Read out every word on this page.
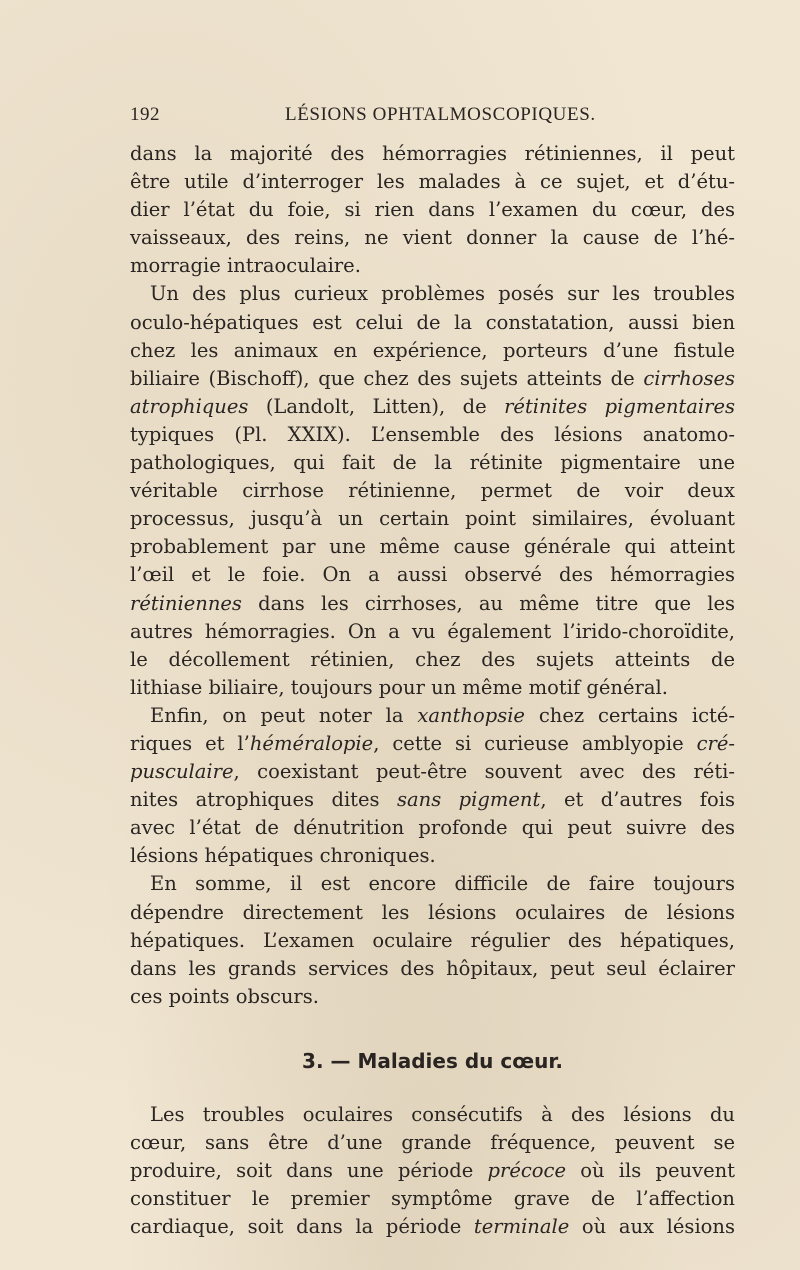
192	LÉSIONS OPHTALMOSCOPIQUES.
dans la majorité des hémorragies rétiniennes, il peut
être utile d’interroger les malades à ce sujet, et d’étu-
dier l’état du foie, si rien dans l’examen du cœur, des
vaisseaux, des reins, ne vient donner la cause de l’hé-
morragie intraoculaire.
Un des plus curieux problèmes posés sur les troubles
oculo-hépatiques est celui de la constatation, aussi bien
chez les animaux en expérience, porteurs d’une fistule
biliaire (Bischoff), que chez des sujets atteints de cirrhoses
atrophiques (Landolt, Litten), de rétinites pigmentaires
typiques (Pl. XXIX). L’ensemble des lésions anatomo-
pathologiques, qui fait de la rétinite pigmentaire une
véritable cirrhose rétinienne, permet de voir deux
processus, jusqu’à un certain point similaires, évoluant
probablement par une même cause générale qui atteint
l’œil et le foie. On a aussi observé des hémorragies
rétiniennes dans les cirrhoses, au même titre que les
autres hémorragies. On a vu également l’irido-choroïdite,
le décollement rétinien, chez des sujets atteints de
lithiase biliaire, toujours pour un même motif général.
Enfin, on peut noter la xanthopsie chez certains icté-
riques et l’héméralopie, cette si curieuse amblyopie cré-
pusculaire, coexistant peut-être souvent avec des réti-
nites atrophiques dites sans pigment, et d’autres fois
avec l’état de dénutrition profonde qui peut suivre des
lésions hépatiques chroniques.
En somme, il est encore difficile de faire toujours
dépendre directement les lésions oculaires de lésions
hépatiques. L’examen oculaire régulier des hépatiques,
dans les grands services des hôpitaux, peut seul éclairer
ces points obscurs.
3. — Maladies du cœur.
Les troubles oculaires consécutifs à des lésions du
cœur, sans être d’une grande fréquence, peuvent se
produire, soit dans une période précoce où ils peuvent
constituer le premier symptôme grave de l’affection
cardiaque, soit dans la période terminale où aux lésions
